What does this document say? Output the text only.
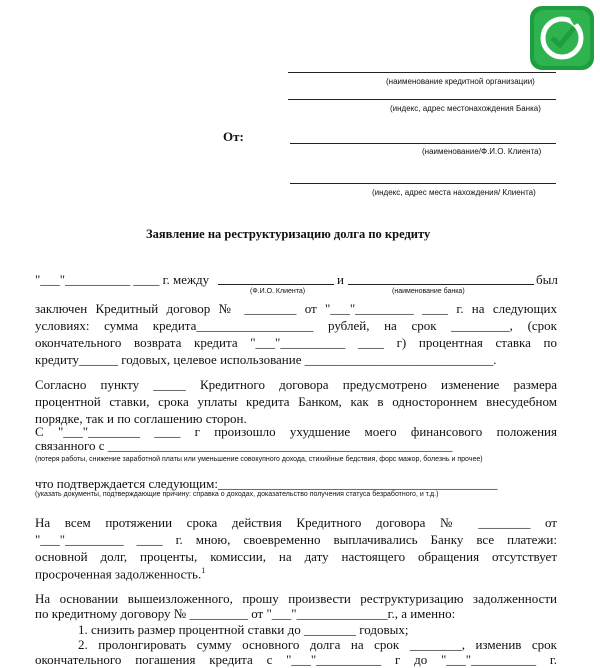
(наименование кредитной организации)
(индекс, адрес местонахождения Банка)
От:
(наименование/Ф.И.О. Клиента)
(индекс, адрес места нахождения/ Клиента)
Заявление на реструктуризацию долга по кредиту
"___"__________ ____ г. между	и	был
(Ф.И.О. Клиента)	(наименование банка)
заключен Кредитный договор № ________ от "___"_________ ____ г. на следующих
условиях: сумма кредита__________________ рублей, на срок _________, (срок
окончательного возврата кредита "___"__________ ____ г) процентная ставка по
кредиту______ годовых, целевое использование _____________________________.
Согласно пункту _____ Кредитного договора предусмотрено изменение размера
процентной ставки, срока уплаты кредита Банком, как в одностороннем внесудебном
порядке, так и по соглашению сторон.
С "___"________ ____ г произошло ухудшение моего финансового положения
связанного с _____________________________________________________
(потеря работы, снижение заработной платы или уменьшение совокупного дохода, стихийные бедствия, форс мажор, болезнь и прочее)
что подтверждается следующим:___________________________________________
(указать документы, подтверждающие причину: справка о доходах, доказательство получения статуса безработного, и т.д.)
На всем протяжении срока действия Кредитного договора № ________ от
"___"_________ ____ г. мною, своевременно выплачивались Банку все платежи:
основной долг, проценты, комиссии, на дату настоящего обращения отсутствует
просроченная задолженность.$^1$
На основании вышеизложенного, прошу произвести реструктуризацию задолженности
по кредитному договору № _________ от "___"______________г., а именно:
1. снизить размер процентной ставки до ________ годовых;
2. пролонгировать сумму основного долга на срок ________, изменив срок
окончательного погашения кредита с "___"__________ г до "___"__________ г.
